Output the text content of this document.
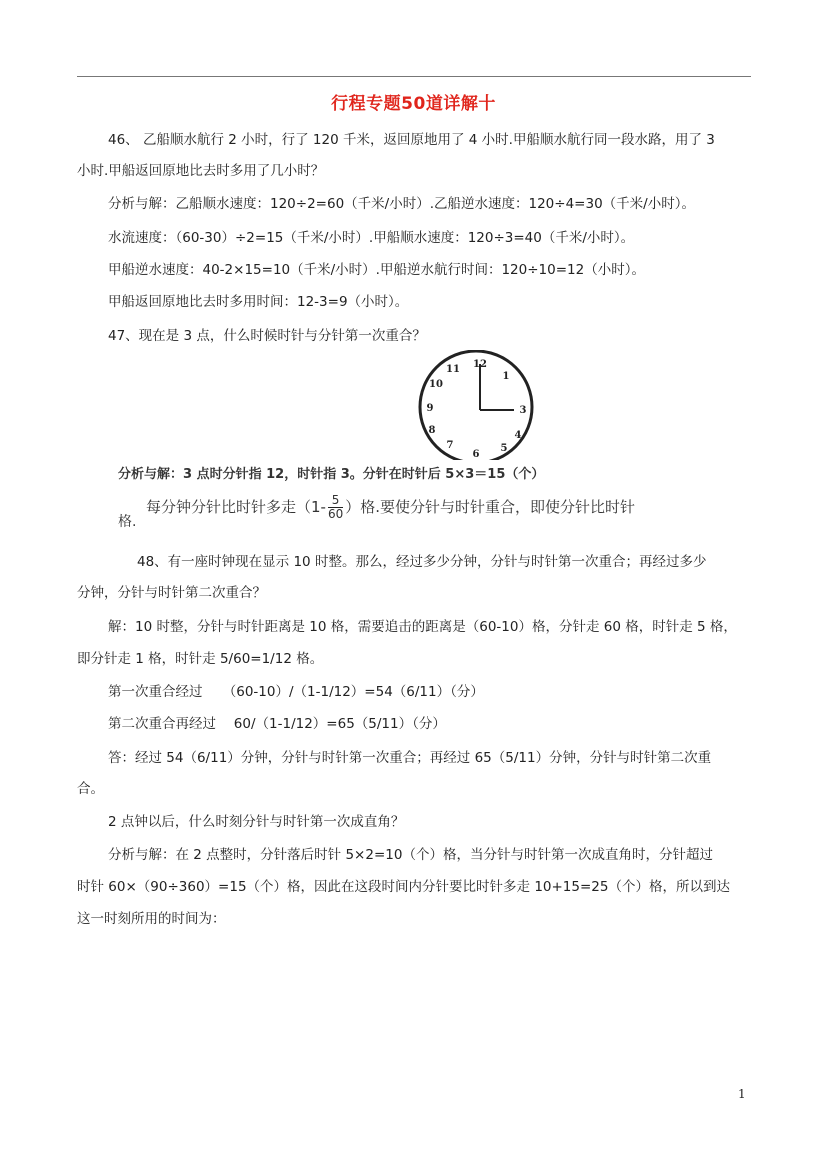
行程专题50道详解十
46、 乙船顺水航行 2 小时，行了 120 千米，返回原地用了 4 小时.甲船顺水航行同一段水路，用了 3
小时.甲船返回原地比去时多用了几小时？
分析与解：乙船顺水速度：120÷2=60（千米/小时）.乙船逆水速度：120÷4=30（千米/小时）。
水流速度：（60-30）÷2=15（千米/小时）.甲船顺水速度：120÷3=40（千米/小时）。
甲船逆水速度：40-2×15=10（千米/小时）.甲船逆水航行时间：120÷10=12（小时）。
甲船返回原地比去时多用时间：12-3=9（小时）。
47、现在是 3 点，什么时候时针与分针第一次重合？
12
1
3
4
5
6
7
8
9
10
11
分析与解：3 点时分针指 12，时针指 3。分针在时针后 5×3＝15（个）
每分钟分针比时针多走（$1- \frac{5}{60}$ ）格.要使分针与时针重合，即使分针比时针
格.
48、有一座时钟现在显示 10 时整。那么，经过多少分钟，分针与时针第一次重合；再经过多少
分钟，分针与时针第二次重合？
解：10 时整，分针与时针距离是 10 格，需要追击的距离是（60-10）格，分针走 60 格，时针走 5 格，
即分针走 1 格，时针走 5/60=1/12 格。
第一次重合经过　　（60-10）/（1-1/12）=54（6/11）（分）
第二次重合再经过　 60/（1-1/12）=65（5/11）（分）
答：经过 54（6/11）分钟，分针与时针第一次重合；再经过 65（5/11）分钟，分针与时针第二次重
合。
2 点钟以后，什么时刻分针与时针第一次成直角？
分析与解：在 2 点整时，分针落后时针 5×2=10（个）格，当分针与时针第一次成直角时，分针超过
时针 60×（90÷360）=15（个）格，因此在这段时间内分针要比时针多走 10+15=25（个）格，所以到达
这一时刻所用的时间为：
1
